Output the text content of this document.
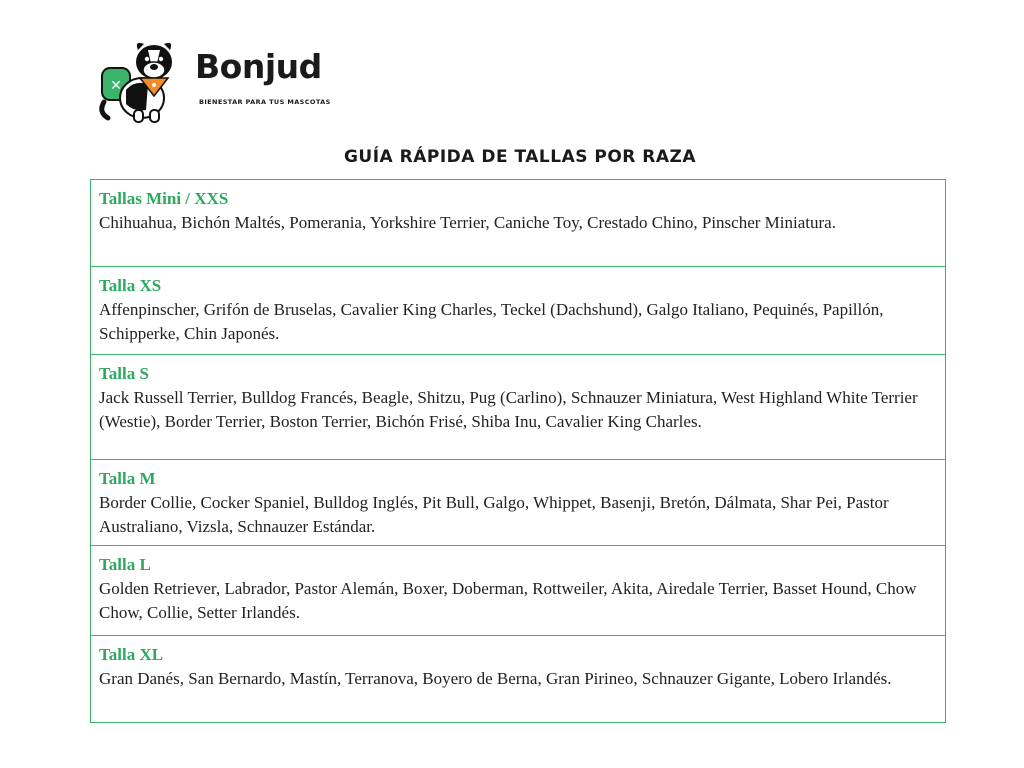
✕ Bonjud
BIENESTAR PARA TUS MASCOTAS
GUÍA RÁPIDA DE TALLAS POR RAZA
Tallas Mini / XXS
Chihuahua, Bichón Maltés, Pomerania, Yorkshire Terrier, Caniche Toy, Crestado Chino, Pinscher Miniatura.
Talla XS
Affenpinscher, Grifón de Bruselas, Cavalier King Charles, Teckel (Dachshund), Galgo Italiano, Pequinés, Papillón, Schipperke, Chin Japonés.
Talla S
Jack Russell Terrier, Bulldog Francés, Beagle, Shitzu, Pug (Carlino), Schnauzer Miniatura, West Highland White Terrier (Westie), Border Terrier, Boston Terrier, Bichón Frisé, Shiba Inu, Cavalier King Charles.
Talla M
Border Collie, Cocker Spaniel, Bulldog Inglés, Pit Bull, Galgo, Whippet, Basenji, Bretón, Dálmata, Shar Pei, Pastor Australiano, Vizsla, Schnauzer Estándar.
Talla L
Golden Retriever, Labrador, Pastor Alemán, Boxer, Doberman, Rottweiler, Akita, Airedale Terrier, Basset Hound, Chow Chow, Collie, Setter Irlandés.
Talla XL
Gran Danés, San Bernardo, Mastín, Terranova, Boyero de Berna, Gran Pirineo, Schnauzer Gigante, Lobero Irlandés.
